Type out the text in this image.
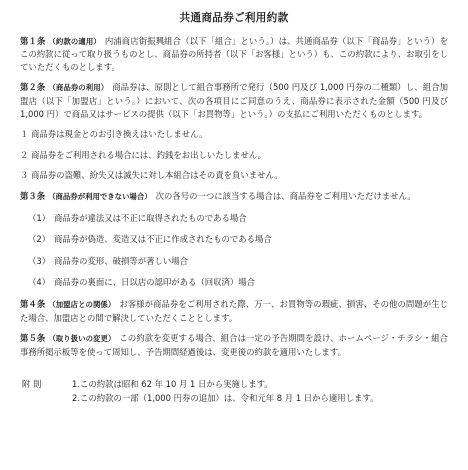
共通商品券ご利用約款
第１条 （約款の適用） 内浦商店街振興組合（以下「組合」という。）は、共通商品券（以下「商品券」という）をこの約款に従って取り扱うものとし、商品券の所持者（以下「お客様」という）も、この約款により、お取引をしていただくものとします。
第２条 （商品券の利用） 商品券は、原則として組合事務所で発行（500 円及び 1,000 円券の二種類）し、組合加盟店（以下「加盟店」という。）において、次の各項目にご同意のうえ、商品券に表示された金額（500 円及び 1,000 円）で商品又はサービスの提供（以下「お買物等」という。）の支払にご利用いただくものとします。
１ 商品券は現金とのお引き換えはいたしません。
２ 商品券をご利用される場合には、釣銭をお出しいたしません。
３ 商品券の盗難、紛失又は滅失に対し本組合はその責を負いません。
第３条 （商品券が利用できない場合） 次の各号の一つに該当する場合は、商品券をご利用いただけません。
（1） 商品券が違法又は不正に取得されたものである場合
（2） 商品券が偽造、変造又は不正に作成されたものである場合
（3） 商品券の変形、破損等が著しい場合
（4） 商品券の裏面に、日以店の認印がある（回収済）場合
第４条 （加盟店との関係） お客様が商品券をご利用された際、万一、お買物等の瑕疵、損害、その他の問題が生じた場合、加盟店との間で解決していただくこととします。
第５条 （取り扱いの変更） この約款を変更する場合、組合は一定の予告期間を設け、ホームページ・チラシ・組合事務所掲示板等を使って周知し、予告期間経過後は、変更後の約款を適用いたします。
附 則	1.この約款は昭和 62 年 10 月 1 日から実施します。
2.この約款の一部（1,000 円券の追加）は、令和元年 8 月 1 日から適用します。
